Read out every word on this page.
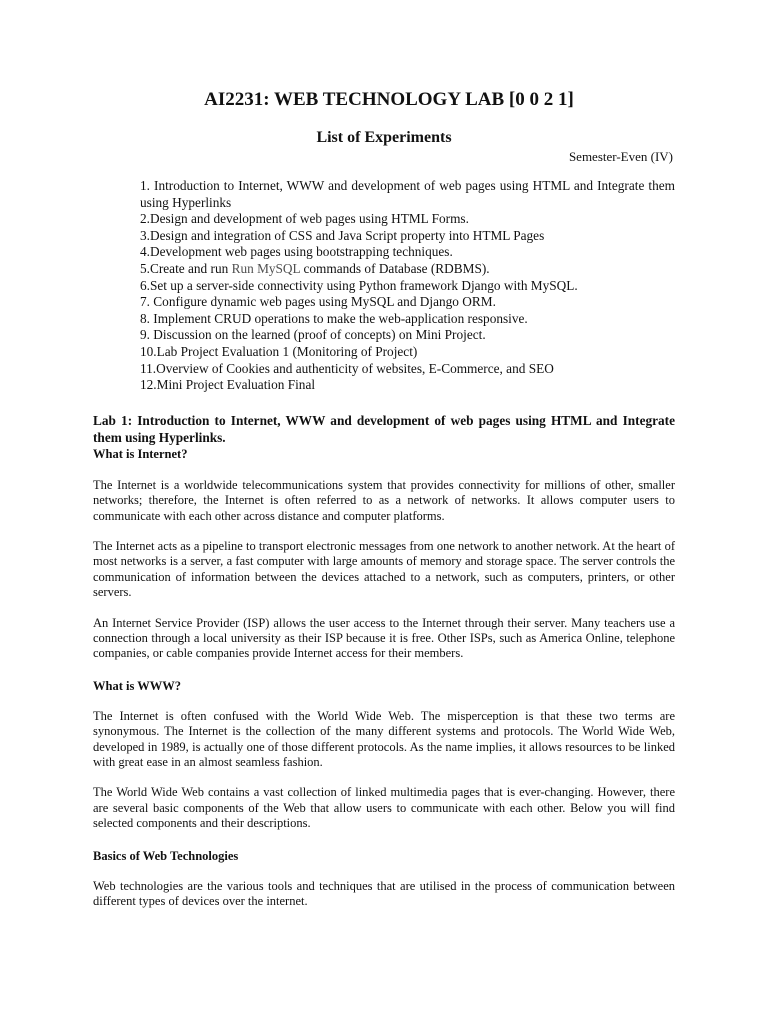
AI2231: WEB TECHNOLOGY LAB [0 0 2 1]
List of Experiments

Semester-Even (IV)

1. Introduction to Internet, WWW and development of web pages using HTML and Integrate them using Hyperlinks
2.Design and development of web pages using HTML Forms.
3.Design and integration of CSS and Java Script property into HTML Pages
4.Development web pages using bootstrapping techniques.
5.Create and run Run MySQL commands of Database (RDBMS).
6.Set up a server-side connectivity using Python framework Django with MySQL.
7. Configure dynamic web pages using MySQL and Django ORM.
8. Implement CRUD operations to make the web-application responsive.
9. Discussion on the learned (proof of concepts) on Mini Project.
10.Lab Project Evaluation 1 (Monitoring of Project)
11.Overview of Cookies and authenticity of websites, E-Commerce, and SEO
12.Mini Project Evaluation Final
Lab 1: Introduction to Internet, WWW and development of web pages using HTML and Integrate them using Hyperlinks.
What is Internet?

The Internet is a worldwide telecommunications system that provides connectivity for millions of other, smaller networks; therefore, the Internet is often referred to as a network of networks. It allows computer users to communicate with each other across distance and computer platforms.

The Internet acts as a pipeline to transport electronic messages from one network to another network. At the heart of most networks is a server, a fast computer with large amounts of memory and storage space. The server controls the communication of information between the devices attached to a network, such as computers, printers, or other servers.

An Internet Service Provider (ISP) allows the user access to the Internet through their server. Many teachers use a connection through a local university as their ISP because it is free. Other ISPs, such as America Online, telephone companies, or cable companies provide Internet access for their members.

What is WWW?

The Internet is often confused with the World Wide Web. The misperception is that these two terms are synonymous. The Internet is the collection of the many different systems and protocols. The World Wide Web, developed in 1989, is actually one of those different protocols. As the name implies, it allows resources to be linked with great ease in an almost seamless fashion.

The World Wide Web contains a vast collection of linked multimedia pages that is ever-changing. However, there are several basic components of the Web that allow users to communicate with each other. Below you will find selected components and their descriptions.

Basics of Web Technologies

Web technologies are the various tools and techniques that are utilised in the process of communication between different types of devices over the internet.
